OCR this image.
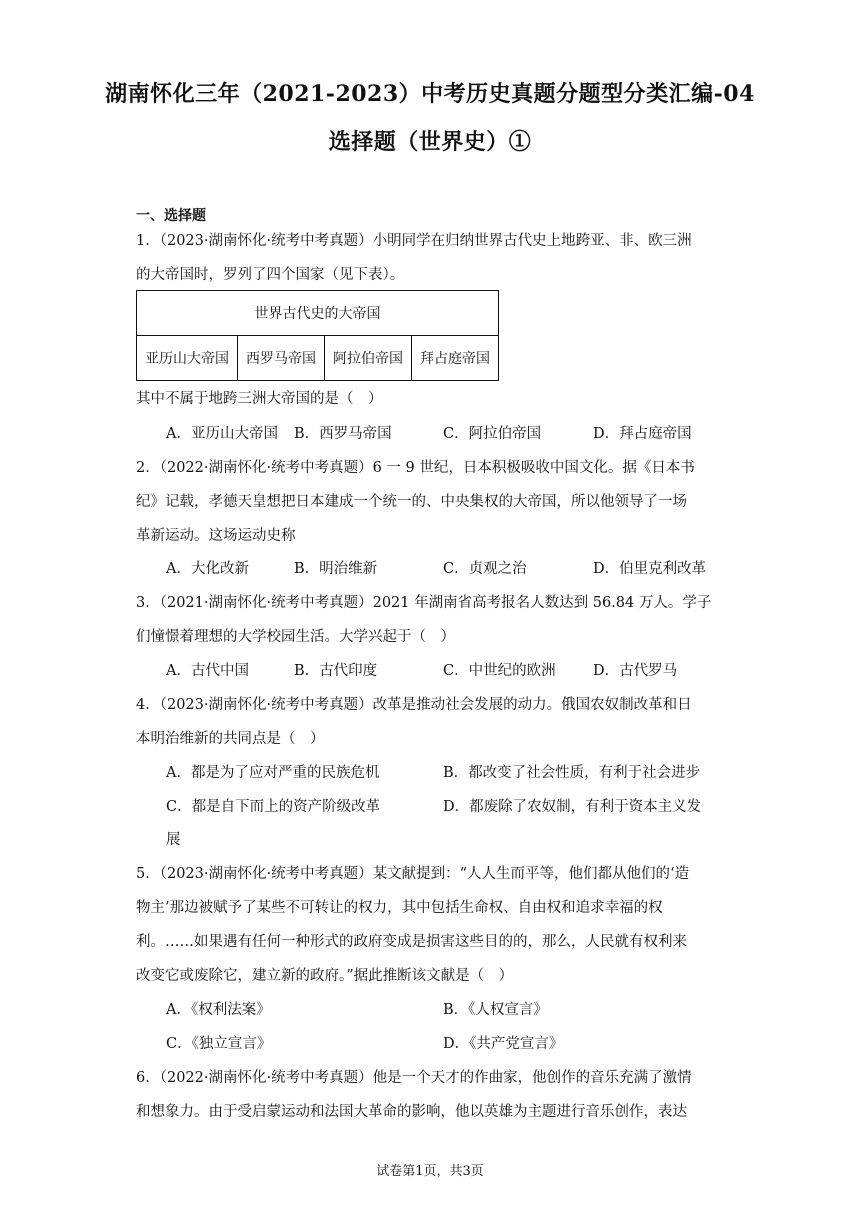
湖南怀化三年（2021-2023）中考历史真题分题型分类汇编-04
选择题（世界史）①
一、选择题
1．（2023·湖南怀化·统考中考真题）小明同学在归纳世界古代史上地跨亚、非、欧三洲
的大帝国时，罗列了四个国家（见下表）。
世界古代史的大帝国
亚历山大帝国	西罗马帝国	阿拉伯帝国	拜占庭帝国
其中不属于地跨三洲大帝国的是（　）
A．亚历山大帝国 B．西罗马帝国	C．阿拉伯帝国	D．拜占庭帝国
2．（2022·湖南怀化·统考中考真题）6 一 9 世纪，日本积极吸收中国文化。据《日本书
纪》记载，孝德天皇想把日本建成一个统一的、中央集权的大帝国，所以他领导了一场
革新运动。这场运动史称
A．大化改新	B．明治维新	C．贞观之治	D．伯里克利改革
3．（2021·湖南怀化·统考中考真题）2021 年湖南省高考报名人数达到 56.84 万人。学子
们憧憬着理想的大学校园生活。大学兴起于（　）
A．古代中国	B．古代印度	C．中世纪的欧洲	D．古代罗马
4．（2023·湖南怀化·统考中考真题）改革是推动社会发展的动力。俄国农奴制改革和日
本明治维新的共同点是（　）
A．都是为了应对严重的民族危机	B．都改变了社会性质，有利于社会进步
C．都是自下而上的资产阶级改革	D．都废除了农奴制，有利于资本主义发
展
5．（2023·湖南怀化·统考中考真题）某文献提到：“人人生而平等，他们都从他们的‘造
物主’那边被赋予了某些不可转让的权力，其中包括生命权、自由权和追求幸福的权
利。……如果遇有任何一种形式的政府变成是损害这些目的的，那么，人民就有权利来
改变它或废除它，建立新的政府。”据此推断该文献是（　）
A．《权利法案》	B．《人权宣言》
C．《独立宣言》	D．《共产党宣言》
6．（2022·湖南怀化·统考中考真题）他是一个天才的作曲家，他创作的音乐充满了激情
和想象力。由于受启蒙运动和法国大革命的影响，他以英雄为主题进行音乐创作，表达
试卷第1页，共3页
